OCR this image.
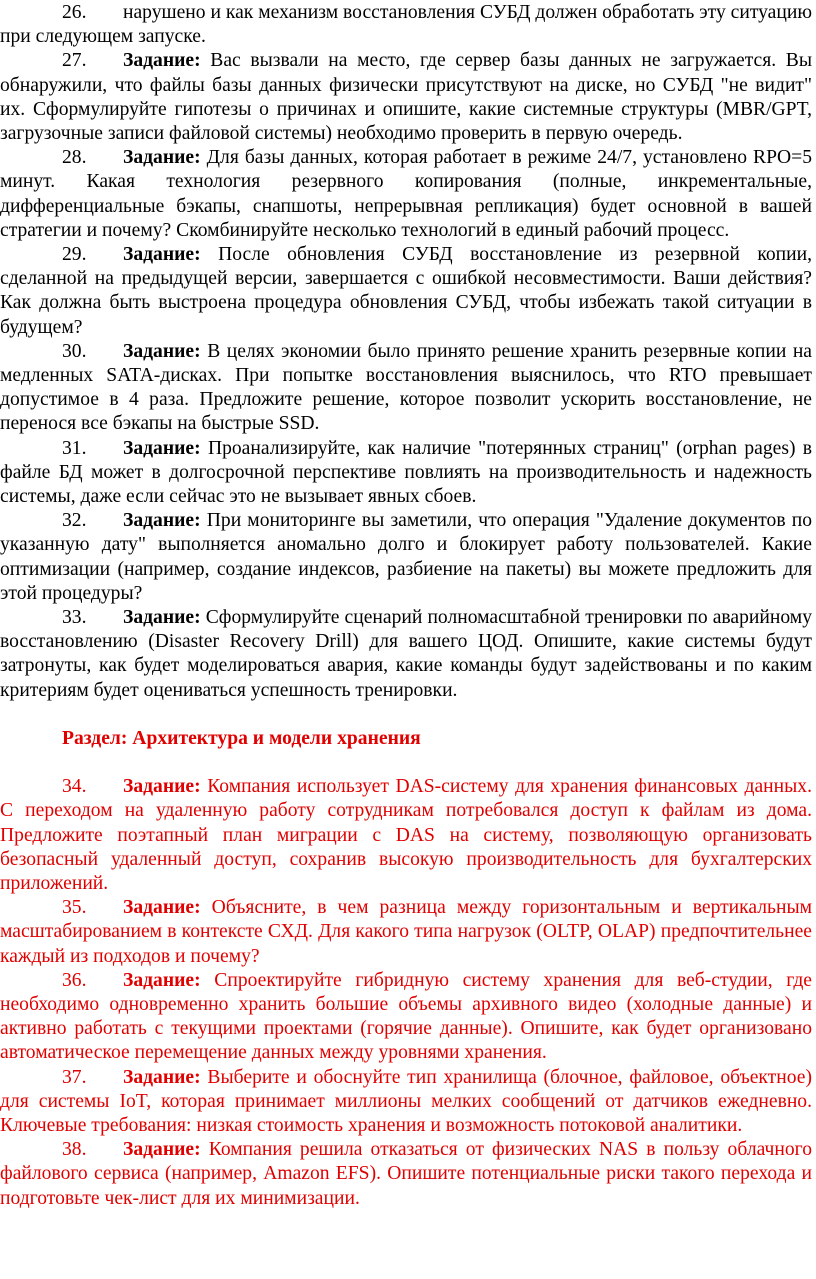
26. нарушено и как механизм восстановления СУБД должен обработать эту ситуацию при следующем запуске.

27. Задание: Вас вызвали на место, где сервер базы данных не загружается. Вы обнаружили, что файлы базы данных физически присутствуют на диске, но СУБД "не видит" их. Сформулируйте гипотезы о причинах и опишите, какие системные структуры (MBR/GPT, загрузочные записи файловой системы) необходимо проверить в первую очередь.

28. Задание: Для базы данных, которая работает в режиме 24/7, установлено RPO=5 минут. Какая технология резервного копирования (полные, инкрементальные, дифференциальные бэкапы, снапшоты, непрерывная репликация) будет основной в вашей стратегии и почему? Скомбинируйте несколько технологий в единый рабочий процесс.

29. Задание: После обновления СУБД восстановление из резервной копии, сделанной на предыдущей версии, завершается с ошибкой несовместимости. Ваши действия? Как должна быть выстроена процедура обновления СУБД, чтобы избежать такой ситуации в будущем?

30. Задание: В целях экономии было принято решение хранить резервные копии на медленных SATA-дисках. При попытке восстановления выяснилось, что RTO превышает допустимое в 4 раза. Предложите решение, которое позволит ускорить восстановление, не перенося все бэкапы на быстрые SSD.

31. Задание: Проанализируйте, как наличие "потерянных страниц" (orphan pages) в файле БД может в долгосрочной перспективе повлиять на производительность и надежность системы, даже если сейчас это не вызывает явных сбоев.

32. Задание: При мониторинге вы заметили, что операция "Удаление документов по указанную дату" выполняется аномально долго и блокирует работу пользователей. Какие оптимизации (например, создание индексов, разбиение на пакеты) вы можете предложить для этой процедуры?

33. Задание: Сформулируйте сценарий полномасштабной тренировки по аварийному восстановлению (Disaster Recovery Drill) для вашего ЦОД. Опишите, какие системы будут затронуты, как будет моделироваться авария, какие команды будут задействованы и по каким критериям будет оцениваться успешность тренировки.

Раздел: Архитектура и модели хранения

34. Задание: Компания использует DAS-систему для хранения финансовых данных. С переходом на удаленную работу сотрудникам потребовался доступ к файлам из дома. Предложите поэтапный план миграции с DAS на систему, позволяющую организовать безопасный удаленный доступ, сохранив высокую производительность для бухгалтерских приложений.

35. Задание: Объясните, в чем разница между горизонтальным и вертикальным масштабированием в контексте СХД. Для какого типа нагрузок (OLTP, OLAP) предпочтительнее каждый из подходов и почему?

36. Задание: Спроектируйте гибридную систему хранения для веб-студии, где необходимо одновременно хранить большие объемы архивного видео (холодные данные) и активно работать с текущими проектами (горячие данные). Опишите, как будет организовано автоматическое перемещение данных между уровнями хранения.

37. Задание: Выберите и обоснуйте тип хранилища (блочное, файловое, объектное) для системы IoT, которая принимает миллионы мелких сообщений от датчиков ежедневно. Ключевые требования: низкая стоимость хранения и возможность потоковой аналитики.

38. Задание: Компания решила отказаться от физических NAS в пользу облачного файлового сервиса (например, Amazon EFS). Опишите потенциальные риски такого перехода и подготовьте чек-лист для их минимизации.
